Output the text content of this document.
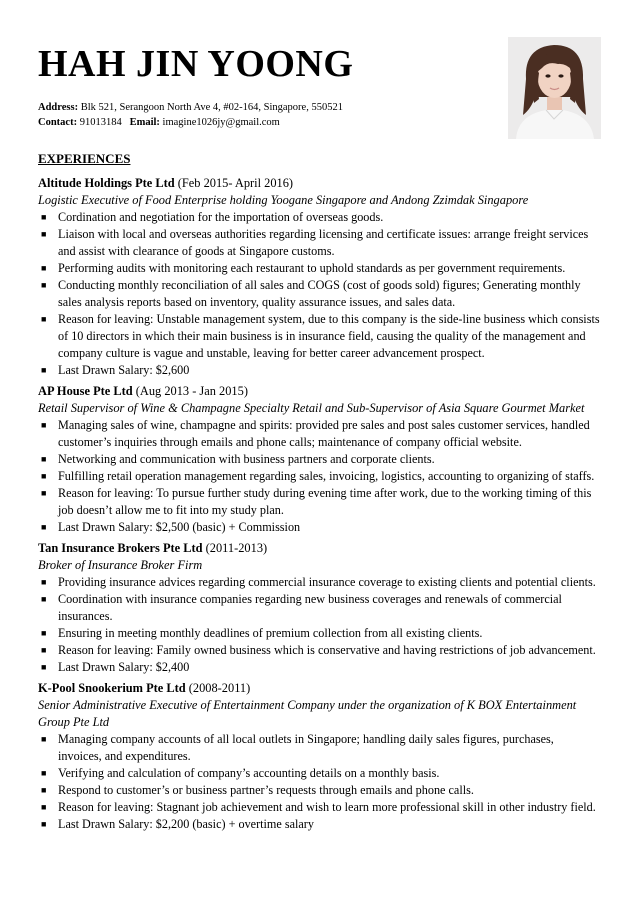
HAH JIN YOONG
Address: Blk 521, Serangoon North Ave 4, #02-164, Singapore, 550521
Contact: 91013184 Email: imagine1026jy@gmail.com
EXPERIENCES
Altitude Holdings Pte Ltd (Feb 2015- April 2016)
Logistic Executive of Food Enterprise holding Yoogane Singapore and Andong Zzimdak Singapore
■ Cordination and negotiation for the importation of overseas goods.
■ Liaison with local and overseas authorities regarding licensing and certificate issues: arrange freight services and assist with clearance of goods at Singapore customs.
■ Performing audits with monitoring each restaurant to uphold standards as per government requirements.
■ Conducting monthly reconciliation of all sales and COGS (cost of goods sold) figures; Generating monthly sales analysis reports based on inventory, quality assurance issues, and sales data.
■ Reason for leaving: Unstable management system, due to this company is the side-line business which consists of 10 directors in which their main business is in insurance field, causing the quality of the management and company culture is vague and unstable, leaving for better career advancement prospect.
■ Last Drawn Salary: $2,600
AP House Pte Ltd (Aug 2013 - Jan 2015)
Retail Supervisor of Wine & Champagne Specialty Retail and Sub-Supervisor of Asia Square Gourmet Market
■ Managing sales of wine, champagne and spirits: provided pre sales and post sales customer services, handled customer’s inquiries through emails and phone calls; maintenance of company official website.
■ Networking and communication with business partners and corporate clients.
■ Fulfilling retail operation management regarding sales, invoicing, logistics, accounting to organizing of staffs.
■ Reason for leaving: To pursue further study during evening time after work, due to the working timing of this job doesn’t allow me to fit into my study plan.
■ Last Drawn Salary: $2,500 (basic) + Commission
Tan Insurance Brokers Pte Ltd (2011-2013)
Broker of Insurance Broker Firm
■ Providing insurance advices regarding commercial insurance coverage to existing clients and potential clients.
■ Coordination with insurance companies regarding new business coverages and renewals of commercial insurances.
■ Ensuring in meeting monthly deadlines of premium collection from all existing clients.
■ Reason for leaving: Family owned business which is conservative and having restrictions of job advancement.
■ Last Drawn Salary: $2,400
K-Pool Snookerium Pte Ltd (2008-2011)
Senior Administrative Executive of Entertainment Company under the organization of K BOX Entertainment Group Pte Ltd
■ Managing company accounts of all local outlets in Singapore; handling daily sales figures, purchases, invoices, and expenditures.
■ Verifying and calculation of company’s accounting details on a monthly basis.
■ Respond to customer’s or business partner’s requests through emails and phone calls.
■ Reason for leaving: Stagnant job achievement and wish to learn more professional skill in other industry field.
■ Last Drawn Salary: $2,200 (basic) + overtime salary
